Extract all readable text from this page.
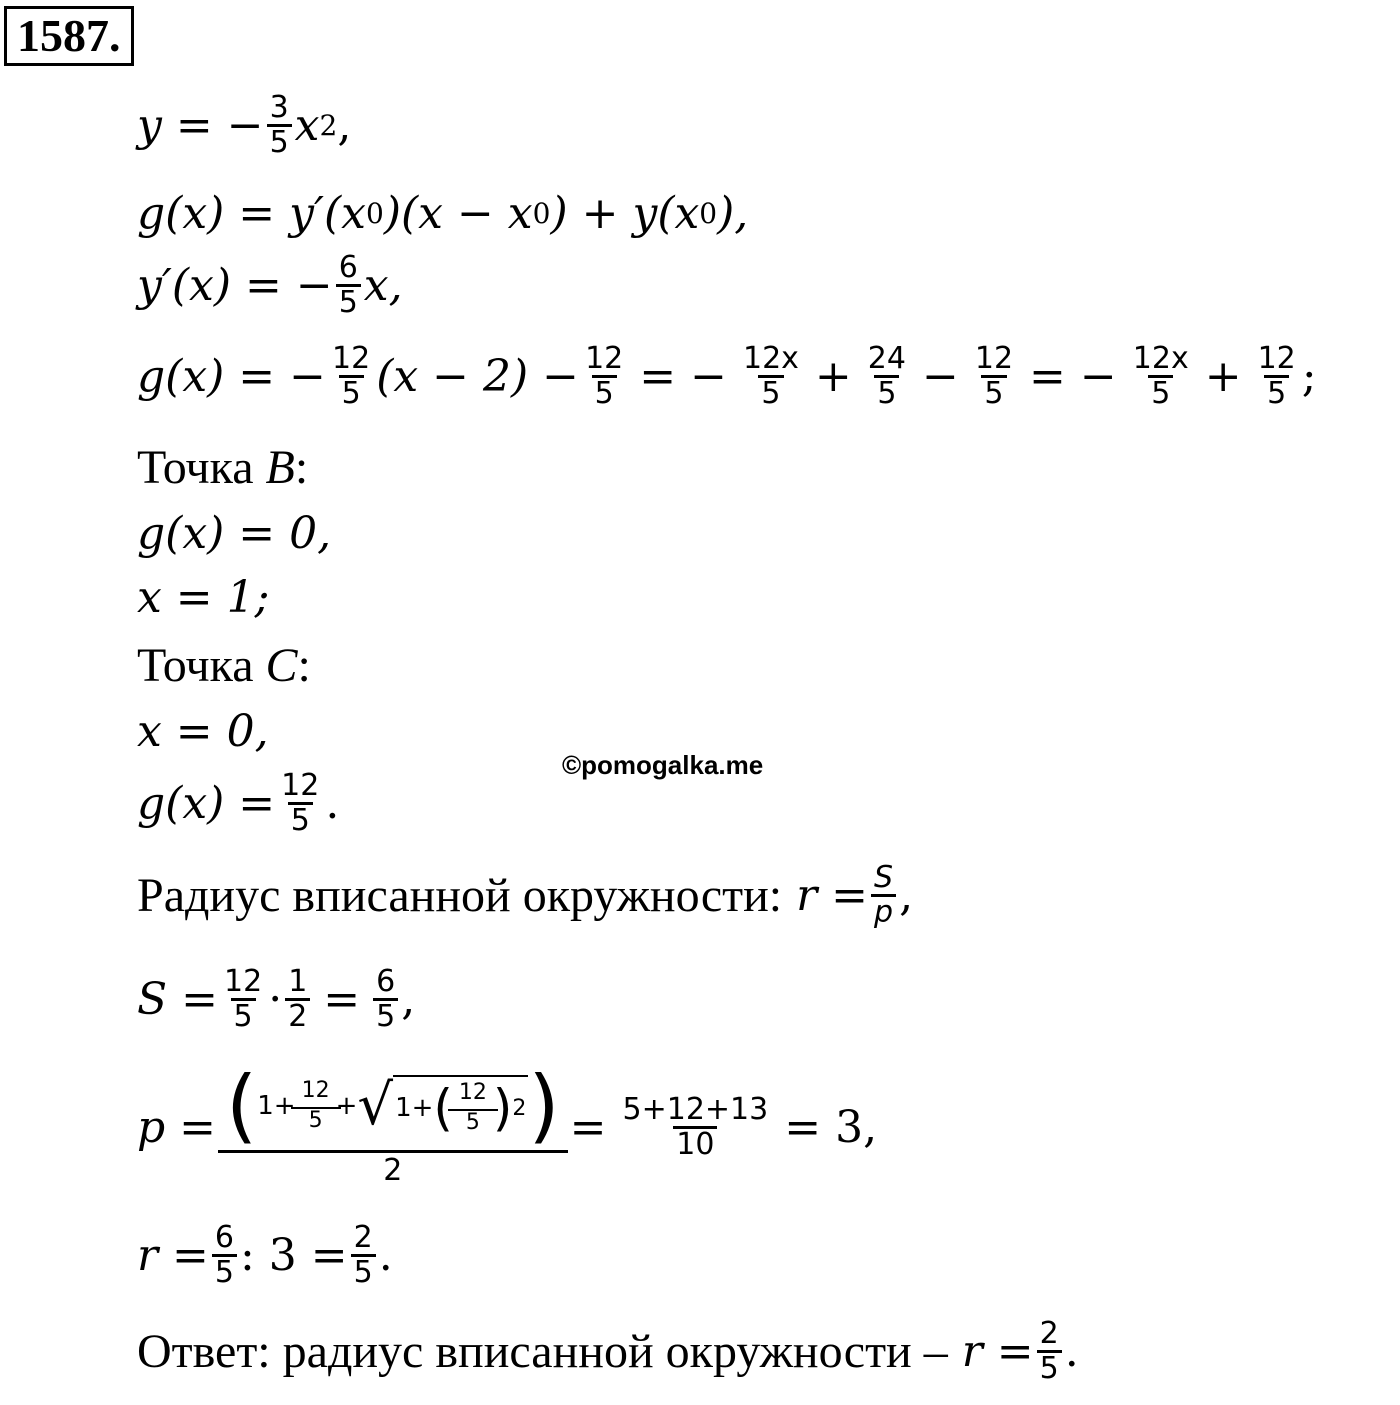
1587.
y = − $\frac{3}{5}$ x 2 ,
g(x) = y′(x 0 )(x − x 0 ) + y(x 0 ),
y′(x) = − $\frac{6}{5} x$,
g(x) = − $\frac{12}{5} (x - 2) - \frac{12}{5}$ = − $\frac{12x}{5} + \frac{24}{5} - \frac{12}{5}$ = − $\frac{12x}{5} + \frac{12}{5}$ ;
Точка
B :
g(x) = 0,
x = 1;
Точка
C :
x = 0,
©pomogalka.me
$g(x) = \frac{12}{5}$ .
Радиус вписанной окружности:
$r = \frac{S}{p}$ ,
$S = \frac{12}{5} \cdot \frac{1}{2} = \frac{6}{5}$ ,
p = ( $1+ \frac{12}{5}$ + √ 1+ ( $\frac{12}{5}$ ) 2 )
2
= $\frac{5+12+13}{10} = 3$,
$r = \frac{6}{5}$ : $3 = \frac{2}{5}$ .
Ответ: радиус вписанной окружности –
$r = \frac{2}{5}$ .
